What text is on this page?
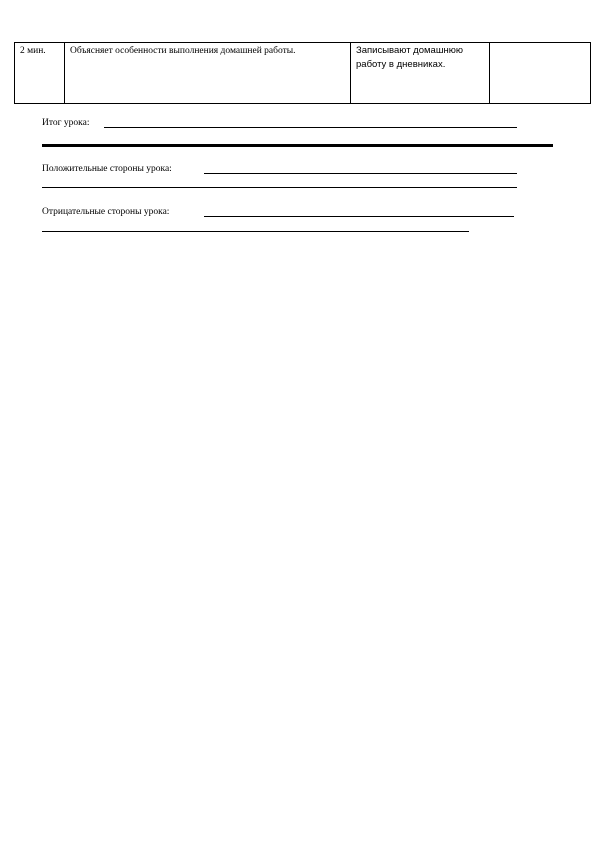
2 мин.	Объясняет особенности выполнения домашней работы.	Записывают домашнюю работу в дневниках.	
Итог урока:
Положительные стороны урока:
Отрицательные стороны урока:
